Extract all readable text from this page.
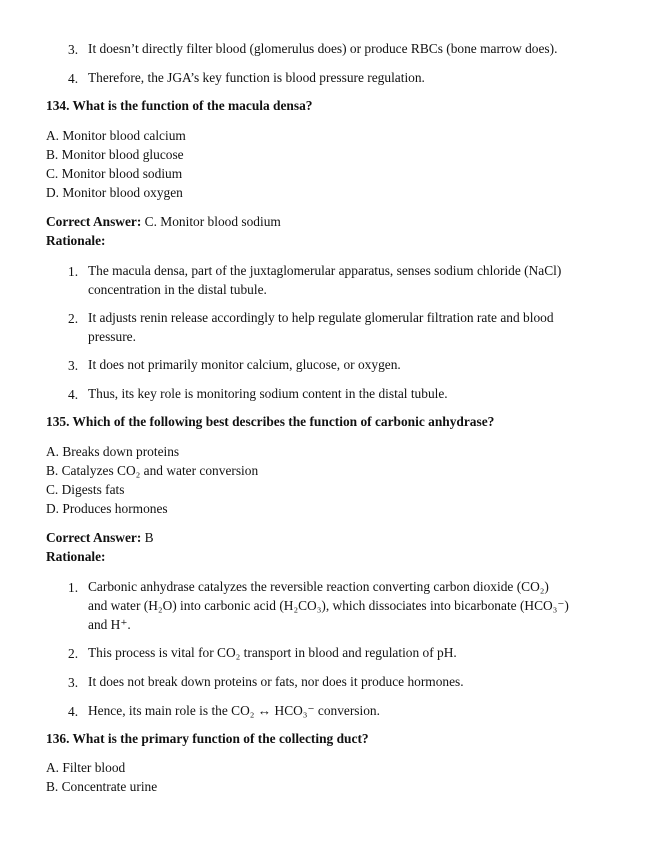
3. It doesn’t directly filter blood (glomerulus does) or produce RBCs (bone marrow does).
4. Therefore, the JGA’s key function is blood pressure regulation.
134. What is the function of the macula densa?
A. Monitor blood calcium
B. Monitor blood glucose
C. Monitor blood sodium
D. Monitor blood oxygen
Correct Answer: C. Monitor blood sodium
Rationale:
1. The macula densa, part of the juxtaglomerular apparatus, senses sodium chloride (NaCl)
concentration in the distal tubule.
2. It adjusts renin release accordingly to help regulate glomerular filtration rate and blood
pressure.
3. It does not primarily monitor calcium, glucose, or oxygen.
4. Thus, its key role is monitoring sodium content in the distal tubule.
135. Which of the following best describes the function of carbonic anhydrase?
A. Breaks down proteins
B. Catalyzes CO₂ and water conversion
C. Digests fats
D. Produces hormones
Correct Answer: B
Rationale:
1. Carbonic anhydrase catalyzes the reversible reaction converting carbon dioxide (CO₂)
and water (H₂O) into carbonic acid (H₂CO₃), which dissociates into bicarbonate (HCO₃⁻)
and H⁺.
2. This process is vital for CO₂ transport in blood and regulation of pH.
3. It does not break down proteins or fats, nor does it produce hormones.
4. Hence, its main role is the CO₂ ↔ HCO₃⁻ conversion.
136. What is the primary function of the collecting duct?
A. Filter blood
B. Concentrate urine
